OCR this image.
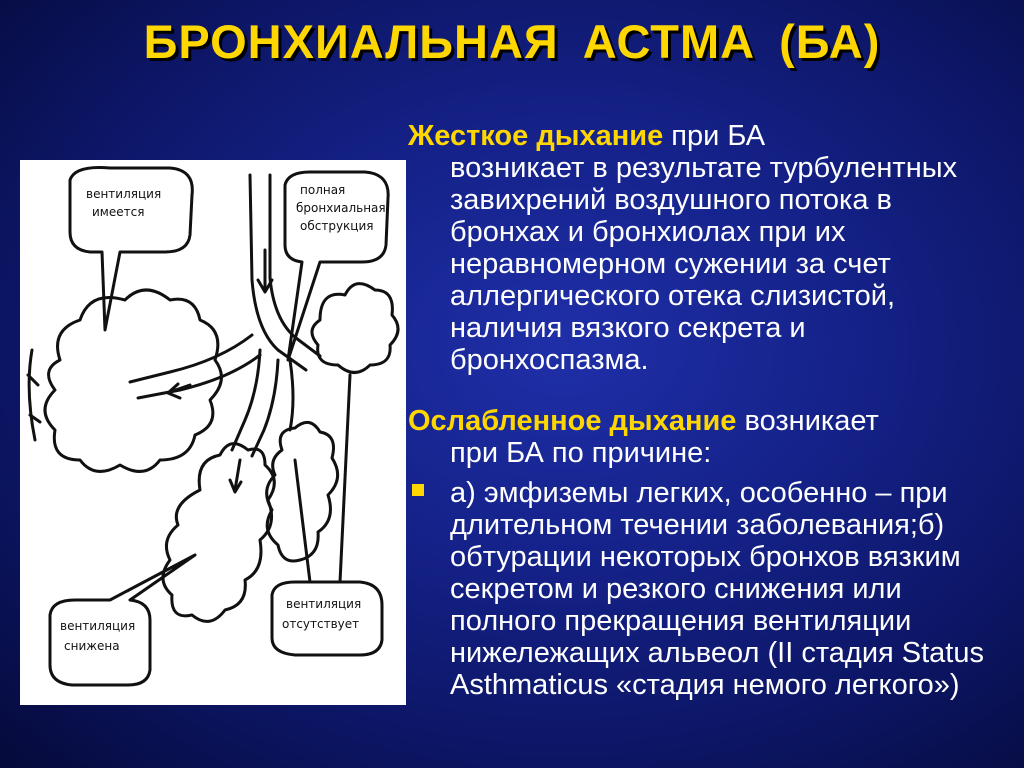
БРОНХИАЛЬНАЯ АСТМА (БА)
вентиляция
имеется
полная
бронхиальная
обструкция
вентиляция
снижена
вентиляция
отсутствует

Жесткое дыхание при БА

возникает в результате турбулентных завихрений воздушного потока в бронхах и бронхиолах при их неравномерном сужении за счет аллергического отека слизистой, наличия вязкого секрета и бронхоспазма.

Ослабленное дыхание возникает
при БА по причине:
а) эмфиземы легких, особенно – при длительном течении заболевания;б) обтурации некоторых бронхов вязким секретом и резкого снижения или полного прекращения вентиляции нижележащих альвеол (II стадия Status Asthmaticus «стадия немого легкого»)
